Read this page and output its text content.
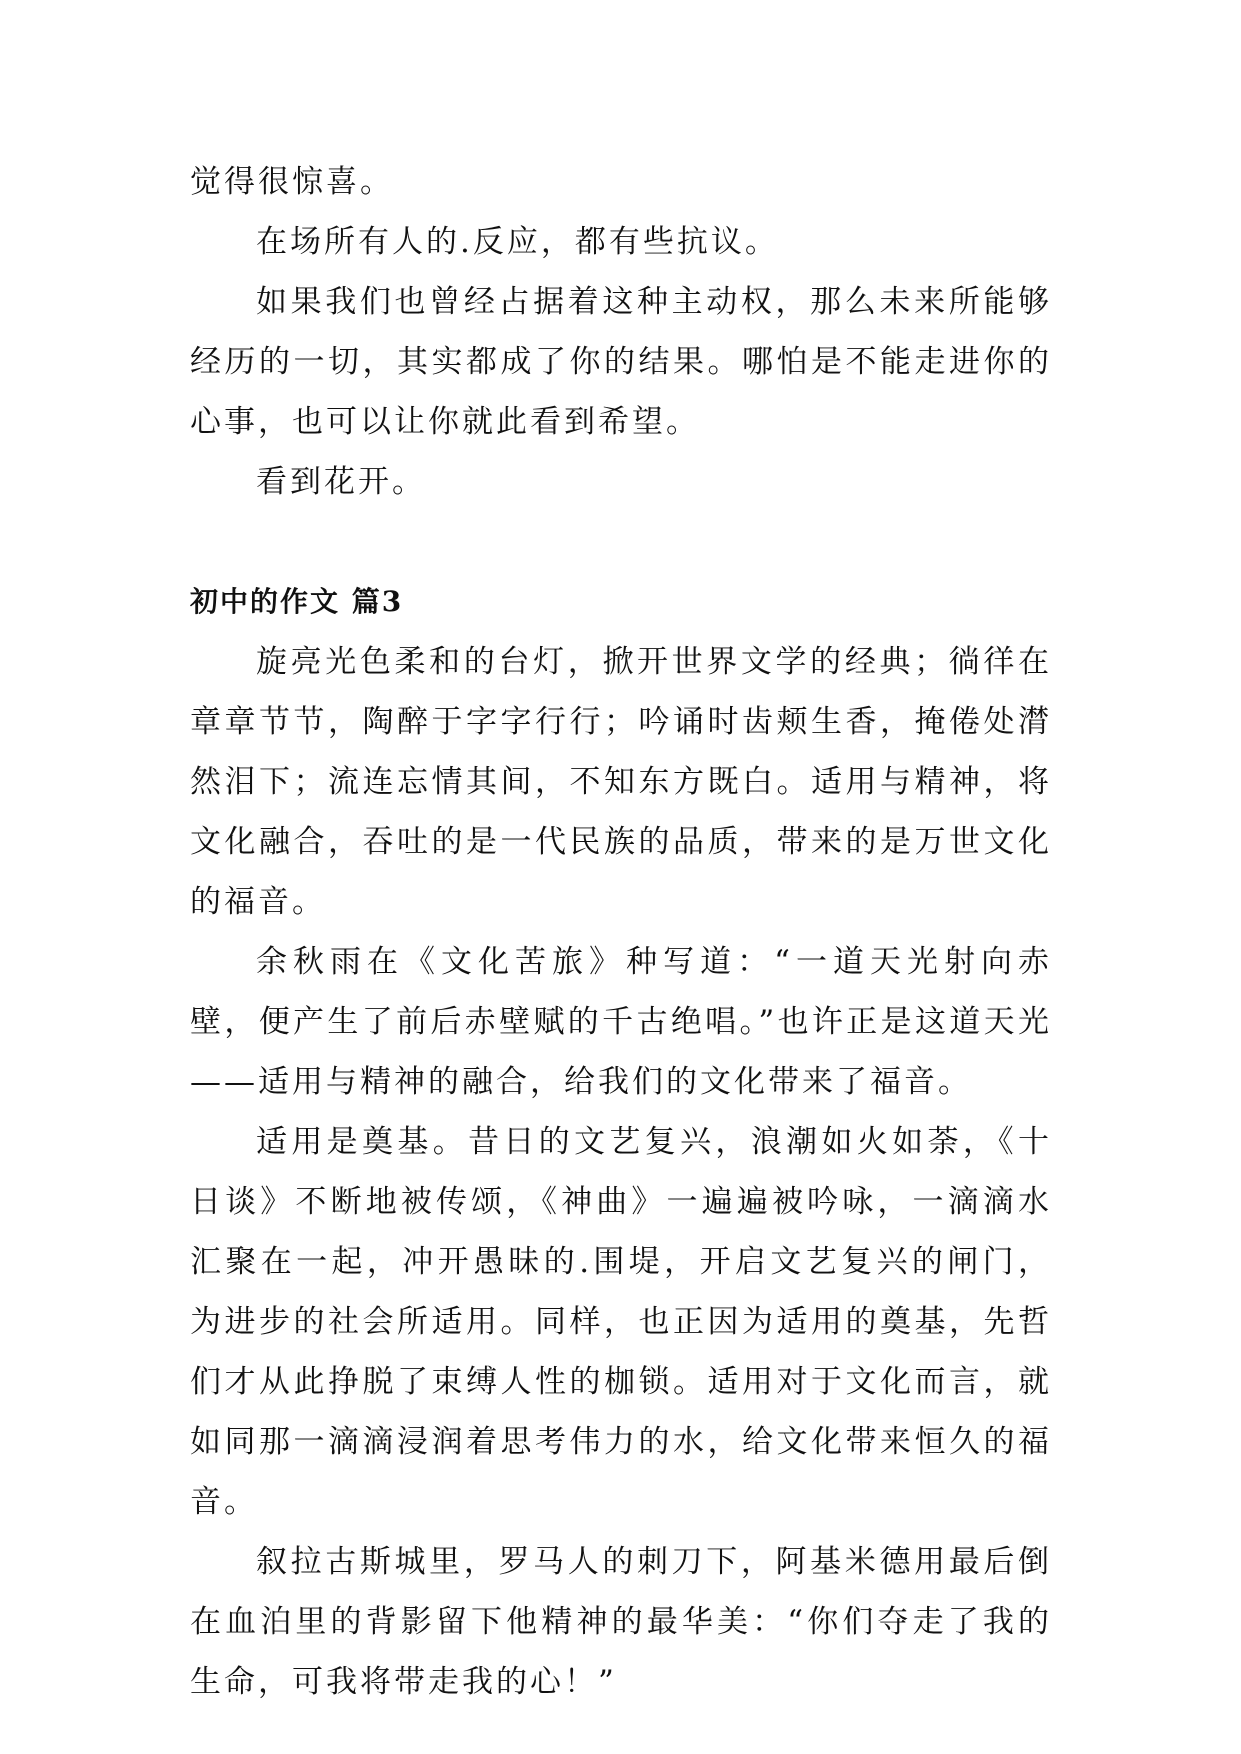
觉得很惊喜。

在场所有人的.反应，都有些抗议。

如果我们也曾经占据着这种主动权，那么未来所能够经历的一切，其实都成了你的结果。哪怕是不能走进你的心事，也可以让你就此看到希望。

看到花开。

初中的作文 篇3

旋亮光色柔和的台灯，掀开世界文学的经典；徜徉在章章节节，陶醉于字字行行；吟诵时齿颊生香，掩倦处潸然泪下；流连忘情其间，不知东方既白。适用与精神，将文化融合，吞吐的是一代民族的品质，带来的是万世文化的福音。

余秋雨在《文化苦旅》种写道：“一道天光射向赤壁，便产生了前后赤壁赋的千古绝唱。”也许正是这道天光——适用与精神的融合，给我们的文化带来了福音。

适用是奠基。昔日的文艺复兴，浪潮如火如荼，《十日谈》不断地被传颂，《神曲》一遍遍被吟咏，一滴滴水汇聚在一起，冲开愚昧的.围堤，开启文艺复兴的闸门，为进步的社会所适用。同样，也正因为适用的奠基，先哲们才从此挣脱了束缚人性的枷锁。适用对于文化而言，就如同那一滴滴浸润着思考伟力的水，给文化带来恒久的福音。

叙拉古斯城里，罗马人的刺刀下，阿基米德用最后倒在血泊里的背影留下他精神的最华美：“你们夺走了我的生命，可我将带走我的心！”
